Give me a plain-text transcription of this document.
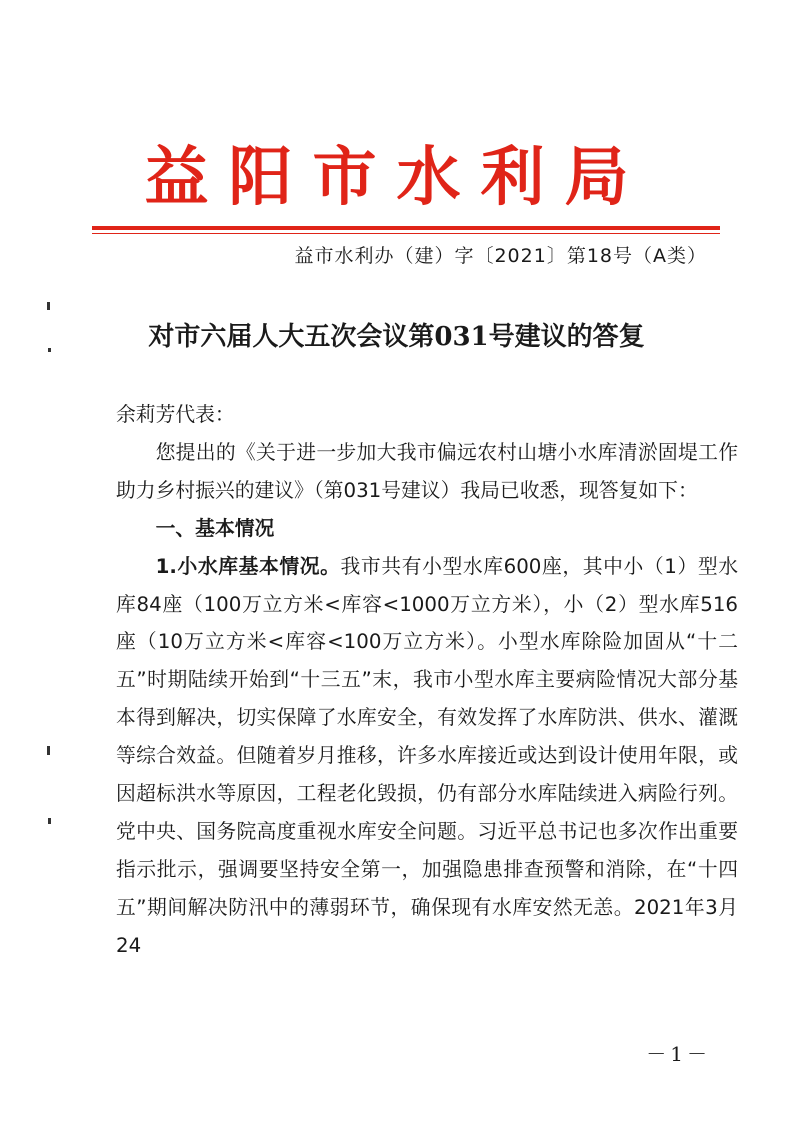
益阳市水利局
益市水利办（建）字〔2021〕第18号（A类）
对市六届人大五次会议第031号建议的答复

余莉芳代表：

您提出的《关于进一步加大我市偏远农村山塘小水库清淤固堤工作助力乡村振兴的建议》（第031号建议）我局已收悉，现答复如下：

一、基本情况

1.小水库基本情况。我市共有小型水库600座，其中小（1）型水库84座（100万立方米<库容<1000万立方米），小（2）型水库516座（10万立方米<库容<100万立方米）。小型水库除险加固从“十二五”时期陆续开始到“十三五”末，我市小型水库主要病险情况大部分基本得到解决，切实保障了水库安全，有效发挥了水库防洪、供水、灌溉等综合效益。但随着岁月推移，许多水库接近或达到设计使用年限，或因超标洪水等原因，工程老化毁损，仍有部分水库陆续进入病险行列。党中央、国务院高度重视水库安全问题。习近平总书记也多次作出重要指示批示，强调要坚持安全第一，加强隐患排查预警和消除，在“十四五”期间解决防汛中的薄弱环节，确保现有水库安然无恙。2021年3月24

－1－
